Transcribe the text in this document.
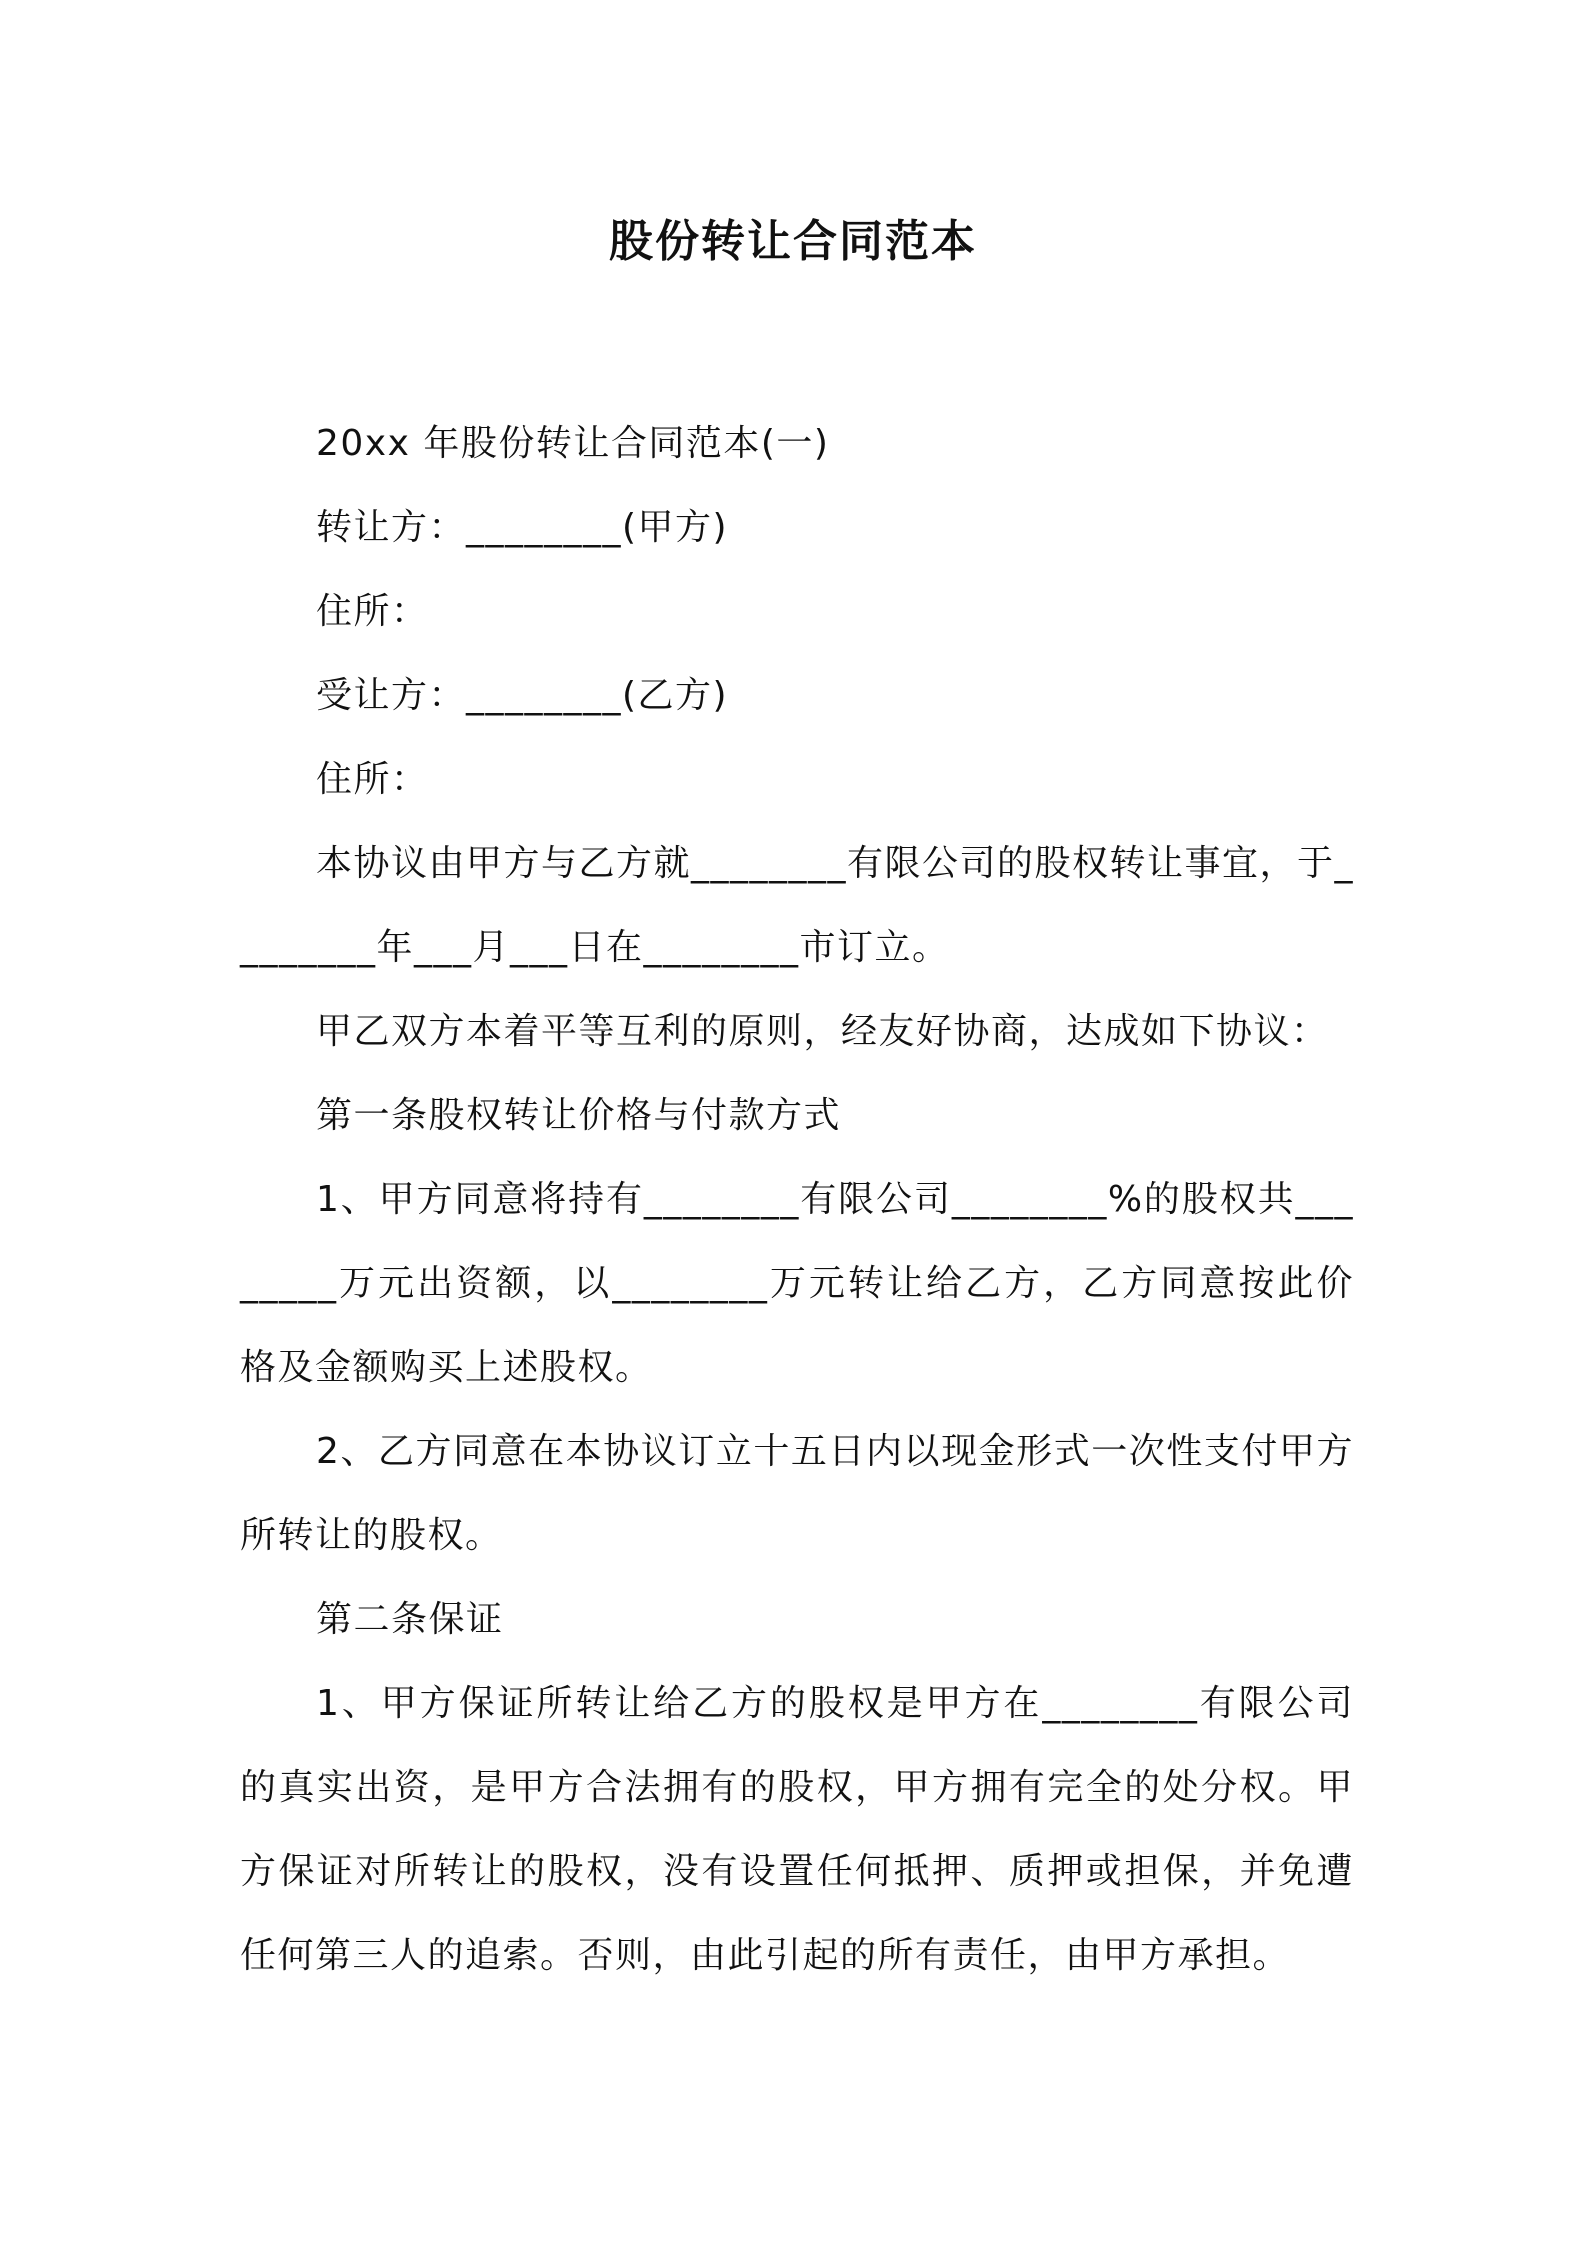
股份转让合同范本

20xx 年股份转让合同范本(一)

转让方：________(甲方)

住所：

受让方：________(乙方)

住所：

本协议由甲方与乙方就________有限公司的股权转让事宜，于________年___月___日在________市订立。

甲乙双方本着平等互利的原则，经友好协商，达成如下协议：

第一条股权转让价格与付款方式

1、甲方同意将持有________有限公司________%的股权共________万元出资额，以________万元转让给乙方，乙方同意按此价格及金额购买上述股权。

2、乙方同意在本协议订立十五日内以现金形式一次性支付甲方所转让的股权。

第二条保证

1、甲方保证所转让给乙方的股权是甲方在________有限公司的真实出资，是甲方合法拥有的股权，甲方拥有完全的处分权。甲方保证对所转让的股权，没有设置任何抵押、质押或担保，并免遭任何第三人的追索。否则，由此引起的所有责任，由甲方承担。
